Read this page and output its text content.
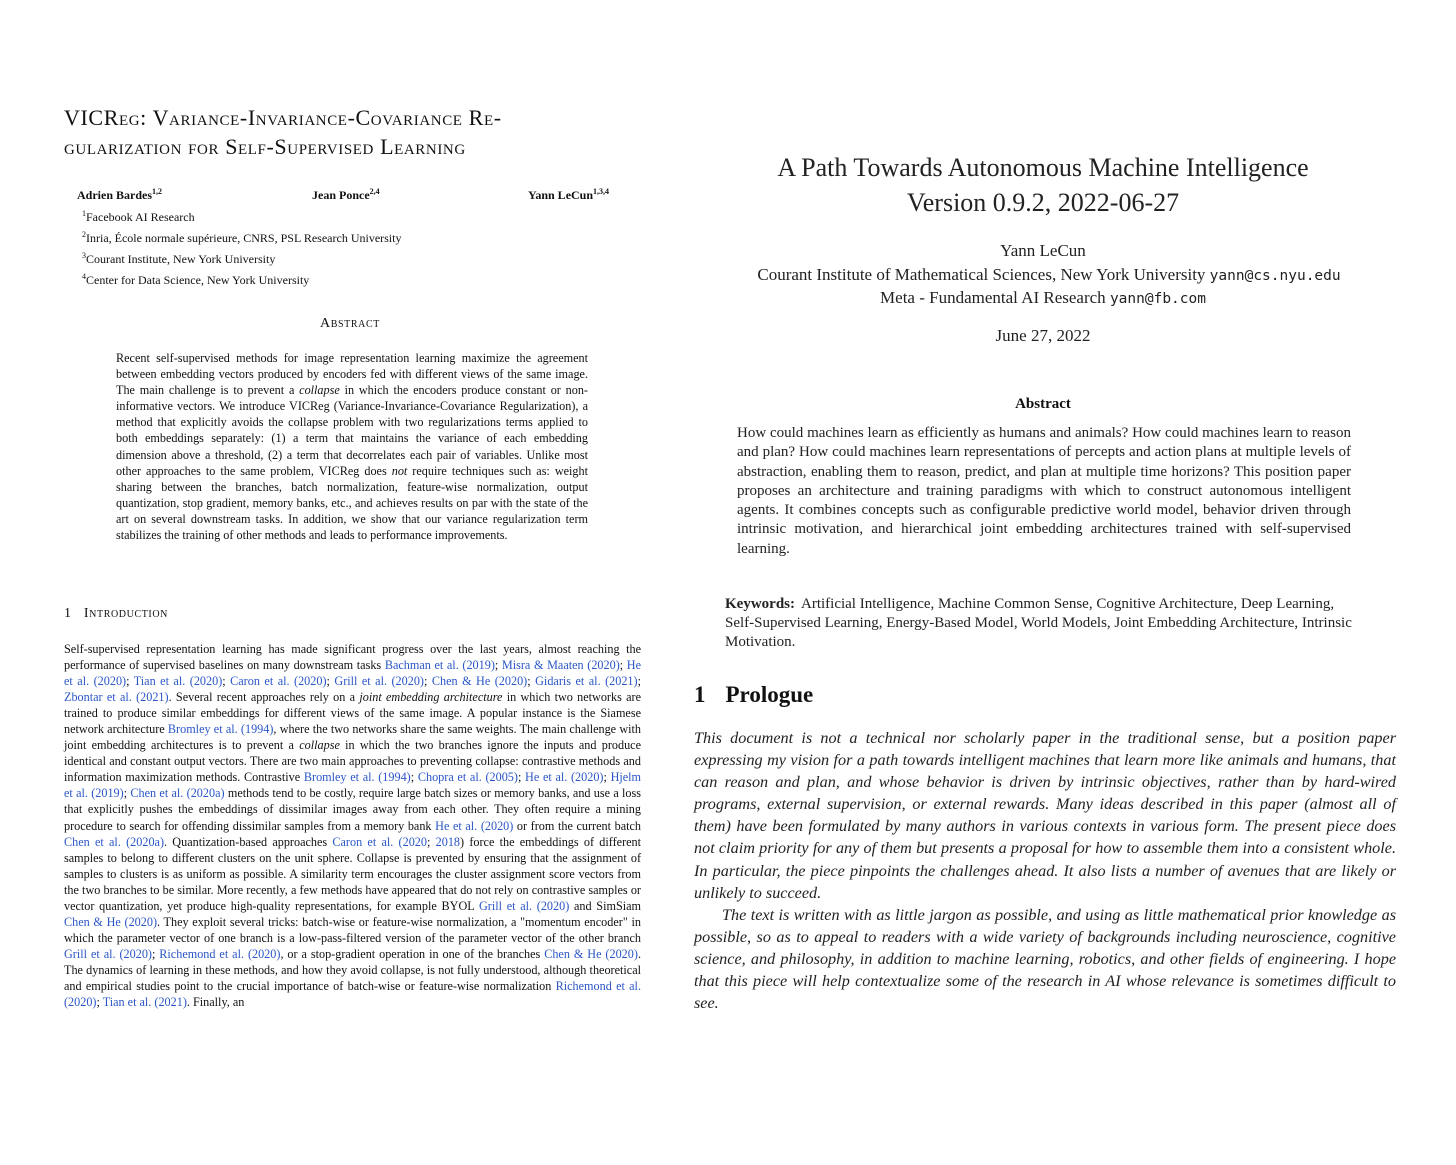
VICReg: Variance-Invariance-Covariance Re-
gularization for Self-Supervised Learning
Adrien Bardes$^{1,2}$	Jean Ponce$^{2,4}$	Yann LeCun$^{1,3,4}$
$^1$Facebook AI Research
$^2$Inria, École normale supérieure, CNRS, PSL Research University
$^3$Courant Institute, New York University
$^4$Center for Data Science, New York University
Abstract

Recent self-supervised methods for image representation learning maximize the agreement between embedding vectors produced by encoders fed with different views of the same image. The main challenge is to prevent a collapse in which the encoders produce constant or non-informative vectors. We introduce VICReg (Variance-Invariance-Covariance Regularization), a method that explicitly avoids the collapse problem with two regularizations terms applied to both embeddings separately: (1) a term that maintains the variance of each embedding dimension above a threshold, (2) a term that decorrelates each pair of variables. Unlike most other approaches to the same problem, VICReg does not require techniques such as: weight sharing between the branches, batch normalization, feature-wise normalization, output quantization, stop gradient, memory banks, etc., and achieves results on par with the state of the art on several downstream tasks. In addition, we show that our variance regularization term stabilizes the training of other methods and leads to performance improvements.

1 Introduction

Self-supervised representation learning has made significant progress over the last years, almost reaching the performance of supervised baselines on many downstream tasks Bachman et al. (2019); Misra & Maaten (2020); He et al. (2020); Tian et al. (2020); Caron et al. (2020); Grill et al. (2020); Chen & He (2020); Gidaris et al. (2021); Zbontar et al. (2021). Several recent approaches rely on a joint embedding architecture in which two networks are trained to produce similar embeddings for different views of the same image. A popular instance is the Siamese network architecture Bromley et al. (1994), where the two networks share the same weights. The main challenge with joint embedding architectures is to prevent a collapse in which the two branches ignore the inputs and produce identical and constant output vectors. There are two main approaches to preventing collapse: contrastive methods and information maximization methods. Contrastive Bromley et al. (1994); Chopra et al. (2005); He et al. (2020); Hjelm et al. (2019); Chen et al. (2020a) methods tend to be costly, require large batch sizes or memory banks, and use a loss that explicitly pushes the embeddings of dissimilar images away from each other. They often require a mining procedure to search for offending dissimilar samples from a memory bank He et al. (2020) or from the current batch Chen et al. (2020a). Quantization-based approaches Caron et al. (2020; 2018) force the embeddings of different samples to belong to different clusters on the unit sphere. Collapse is prevented by ensuring that the assignment of samples to clusters is as uniform as possible. A similarity term encourages the cluster assignment score vectors from the two branches to be similar. More recently, a few methods have appeared that do not rely on contrastive samples or vector quantization, yet produce high-quality representations, for example BYOL Grill et al. (2020) and SimSiam Chen & He (2020). They exploit several tricks: batch-wise or feature-wise normalization, a "momentum encoder" in which the parameter vector of one branch is a low-pass-filtered version of the parameter vector of the other branch Grill et al. (2020); Richemond et al. (2020), or a stop-gradient operation in one of the branches Chen & He (2020). The dynamics of learning in these methods, and how they avoid collapse, is not fully understood, although theoretical and empirical studies point to the crucial importance of batch-wise or feature-wise normalization Richemond et al. (2020); Tian et al. (2021). Finally, an

A Path Towards Autonomous Machine Intelligence
Version 0.9.2, 2022-06-27
Yann LeCun
Courant Institute of Mathematical Sciences, New York University yann@cs.nyu.edu
Meta - Fundamental AI Research yann@fb.com
June 27, 2022
Abstract

How could machines learn as efficiently as humans and animals? How could machines learn to reason and plan? How could machines learn representations of percepts and action plans at multiple levels of abstraction, enabling them to reason, predict, and plan at multiple time horizons? This position paper proposes an architecture and training paradigms with which to construct autonomous intelligent agents. It combines concepts such as configurable predictive world model, behavior driven through intrinsic motivation, and hierarchical joint embedding architectures trained with self-supervised learning.

Keywords: Artificial Intelligence, Machine Common Sense, Cognitive Architecture, Deep Learning, Self-Supervised Learning, Energy-Based Model, World Models, Joint Embedding Architecture, Intrinsic Motivation.

1 Prologue

This document is not a technical nor scholarly paper in the traditional sense, but a position paper expressing my vision for a path towards intelligent machines that learn more like animals and humans, that can reason and plan, and whose behavior is driven by intrinsic objectives, rather than by hard-wired programs, external supervision, or external rewards. Many ideas described in this paper (almost all of them) have been formulated by many authors in various contexts in various form. The present piece does not claim priority for any of them but presents a proposal for how to assemble them into a consistent whole. In particular, the piece pinpoints the challenges ahead. It also lists a number of avenues that are likely or unlikely to succeed.

The text is written with as little jargon as possible, and using as little mathematical prior knowledge as possible, so as to appeal to readers with a wide variety of backgrounds including neuroscience, cognitive science, and philosophy, in addition to machine learning, robotics, and other fields of engineering. I hope that this piece will help contextualize some of the research in AI whose relevance is sometimes difficult to see.
